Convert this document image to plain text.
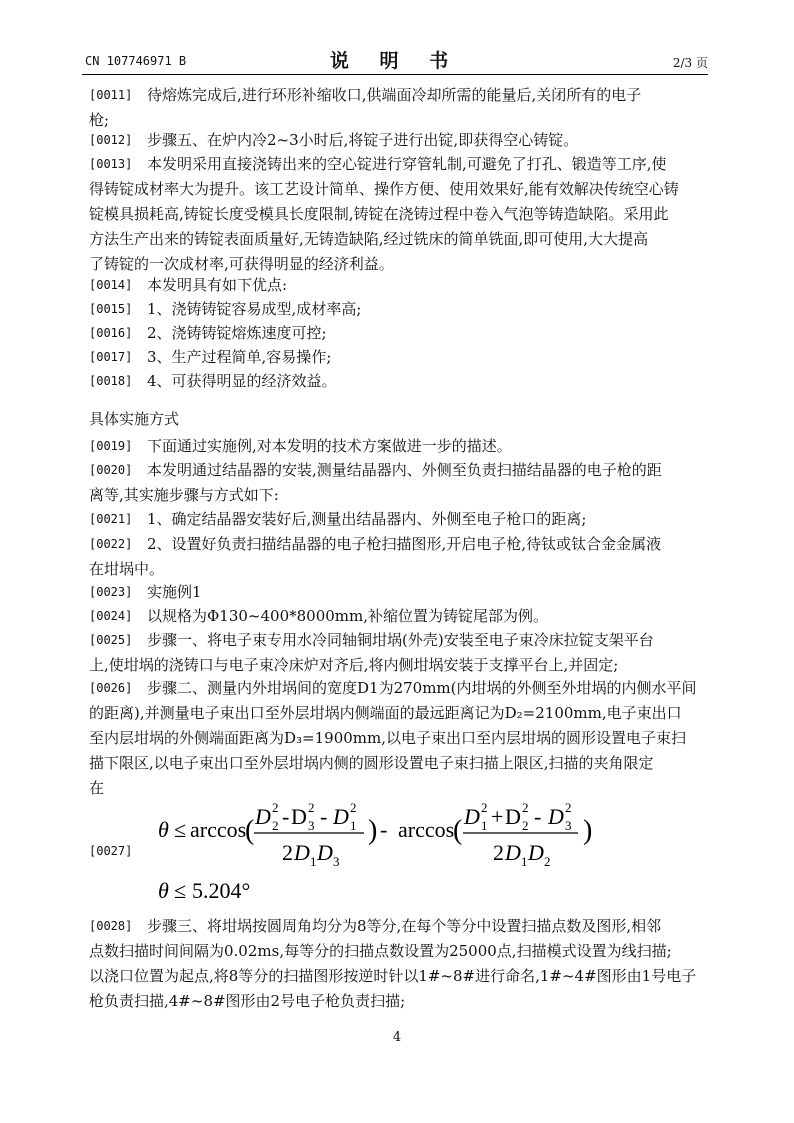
CN 107746971 B	说 明 书	2/3 页
[0011] 待熔炼完成后,进行环形补缩收口,供端面冷却所需的能量后,关闭所有的电子
枪;
[0012] 步骤五、在炉内冷2~3小时后,将锭子进行出锭,即获得空心铸锭。
[0013] 本发明采用直接浇铸出来的空心锭进行穿管轧制,可避免了打孔、锻造等工序,使
得铸锭成材率大为提升。该工艺设计简单、操作方便、使用效果好,能有效解决传统空心铸
锭模具损耗高,铸锭长度受模具长度限制,铸锭在浇铸过程中卷入气泡等铸造缺陷。采用此
方法生产出来的铸锭表面质量好,无铸造缺陷,经过铣床的简单铣面,即可使用,大大提高
了铸锭的一次成材率,可获得明显的经济利益。
[0014] 本发明具有如下优点:
[0015] 1、浇铸铸锭容易成型,成材率高;
[0016] 2、浇铸铸锭熔炼速度可控;
[0017] 3、生产过程简单,容易操作;
[0018] 4、可获得明显的经济效益。
具体实施方式
[0019] 下面通过实施例,对本发明的技术方案做进一步的描述。
[0020] 本发明通过结晶器的安装,测量结晶器内、外侧至负责扫描结晶器的电子枪的距
离等,其实施步骤与方式如下:
[0021] 1、确定结晶器安装好后,测量出结晶器内、外侧至电子枪口的距离;
[0022] 2、设置好负责扫描结晶器的电子枪扫描图形,开启电子枪,待钛或钛合金金属液
在坩埚中。
[0023] 实施例1
[0024] 以规格为Φ130~400*8000mm,补缩位置为铸锭尾部为例。
[0025] 步骤一、将电子束专用水冷同轴铜坩埚(外壳)安装至电子束冷床拉锭支架平台
上,使坩埚的浇铸口与电子束冷床炉对齐后,将内侧坩埚安装于支撑平台上,并固定;
[0026] 步骤二、测量内外坩埚间的宽度D1为270mm(内坩埚的外侧至外坩埚的内侧水平间
的距离),并测量电子束出口至外层坩埚内侧端面的最远距离记为D₂=2100mm,电子束出口
至内层坩埚的外侧端面距离为D₃=1900mm,以电子束出口至内层坩埚的圆形设置电子束扫
描下限区,以电子束出口至外层坩埚内侧的圆形设置电子束扫描上限区,扫描的夹角限定
在
[0027]
θ ≤ arccos
( D 2
2 - D 2
3 - D 2
1
2 D 1 D 3
) - arccos
( D 2
1 + D 2
2 - D 2
3
2 D 1 D 2
)
θ ≤ 5.204°
[0028] 步骤三、将坩埚按圆周角均分为8等分,在每个等分中设置扫描点数及图形,相邻
点数扫描时间间隔为0.02ms,每等分的扫描点数设置为25000点,扫描模式设置为线扫描;
以浇口位置为起点,将8等分的扫描图形按逆时针以1#~8#进行命名,1#~4#图形由1号电子
枪负责扫描,4#~8#图形由2号电子枪负责扫描;
4
